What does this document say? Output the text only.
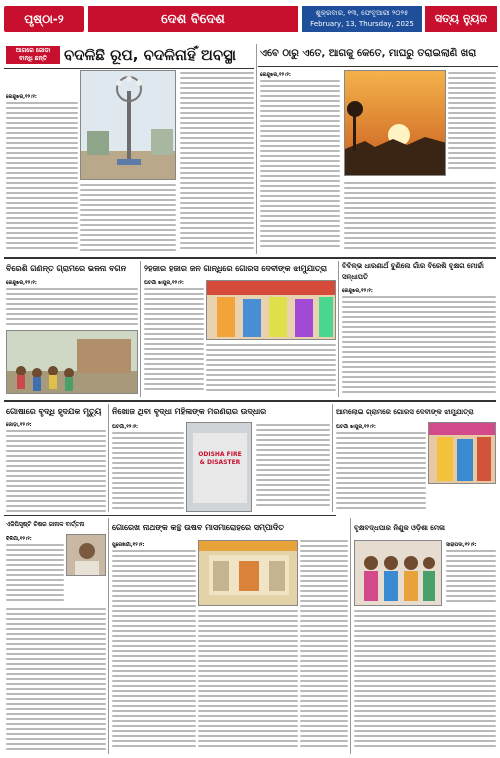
ପୃଷ୍ଠା-୨	ଦେଶ ବିଦେଶ	ଶୁକ୍ରବାର, ୧୩, ଫେବୃଆରୀ ୨୦୨୫
February, 13, Thursday, 2025	ସତ୍ୟ ନ୍ୟୁଜ
ଆଗରେ ଜୋଡା ବାନ୍ଧି ଛନ୍ତି	ବଦଳିଛି ରୂପ, ବଦଳିନାହିଁ ଅବସ୍ଥା
କେନ୍ଦୁଝର,୧୨।୨:
ଏବେ ଠାରୁ ଏତେ, ଆଗକୁ କେତେ, ମାଘରୁ ତରାଇଲାଣି ଖରା
କେନ୍ଦୁଝର,୧୨।୨:
ବିରେଶି ଗଣନ୍ତ ଗ୍ରାମରେ ଭଳନା ବଗନ
କେନ୍ଦୁଝର,୧୨।୨:
୨ହଜାର ହଜାର ଜନ ଗାନ୍ଧିରେ ଗୋରସ ଦେବୀଙ୍କ ଝାମୁଯାତ୍ରା
ଘଟଗାଁ ଝାପୁର,୧୨।୨:
ବିବିଳ୍ଭ ଧାରଣାର୍ଥ ବୁଣିଲେ ଗାଁର ବିରେଶି ବୃକ୍ଷଗ ମୋର୍ଚ୍ଚା ସନ୍ଧାପତି
କେନ୍ଦୁଝର,୧୨।୨:
ଗୋଷାରେ ବୃଦ୍ଧି ହୃଦଯକ ମୃତ୍ୟୁ
ଜୋଡ଼ା,୧୨।୨:
ନିଖୋଜ ଥିବା ବୃଦ୍ଧା ମହିଳାଙ୍କ ମରଣରାର ଉଦ୍ଧାର
ଘଟଗାଁ,୧୨।୨:
ODISHA FIRE & DISASTER
ଆମଲୋଇ ଗ୍ରାମରେ ଗୋରସ ଦେବୀଙ୍କ ଝାମୁଯାତ୍ରା
ଘଟଗାଁ ଝାପୁର,୧୨।୨:
ଏଜିପିସୃଷ୍ଟି ଚିଷର ଜାନାଳ ବାର୍ତ୍ତନା
ବିଳିଗାଁ,୧୨।୨:
ଗୋରେଖ ନାଥଙ୍କ କନ୍ଥ ଉଷବ ମାସମାରୋହରେ ସମ୍ପାଦିତ
ପୁରେଖଗାଁ,୧୨।୨:
ବୃକ୍ଷବଦ୍ଧପାର ନିଣୁକ ଓଡ଼ିଶା ମେଳା
ସାରାପଦା,୧୨।୨:
